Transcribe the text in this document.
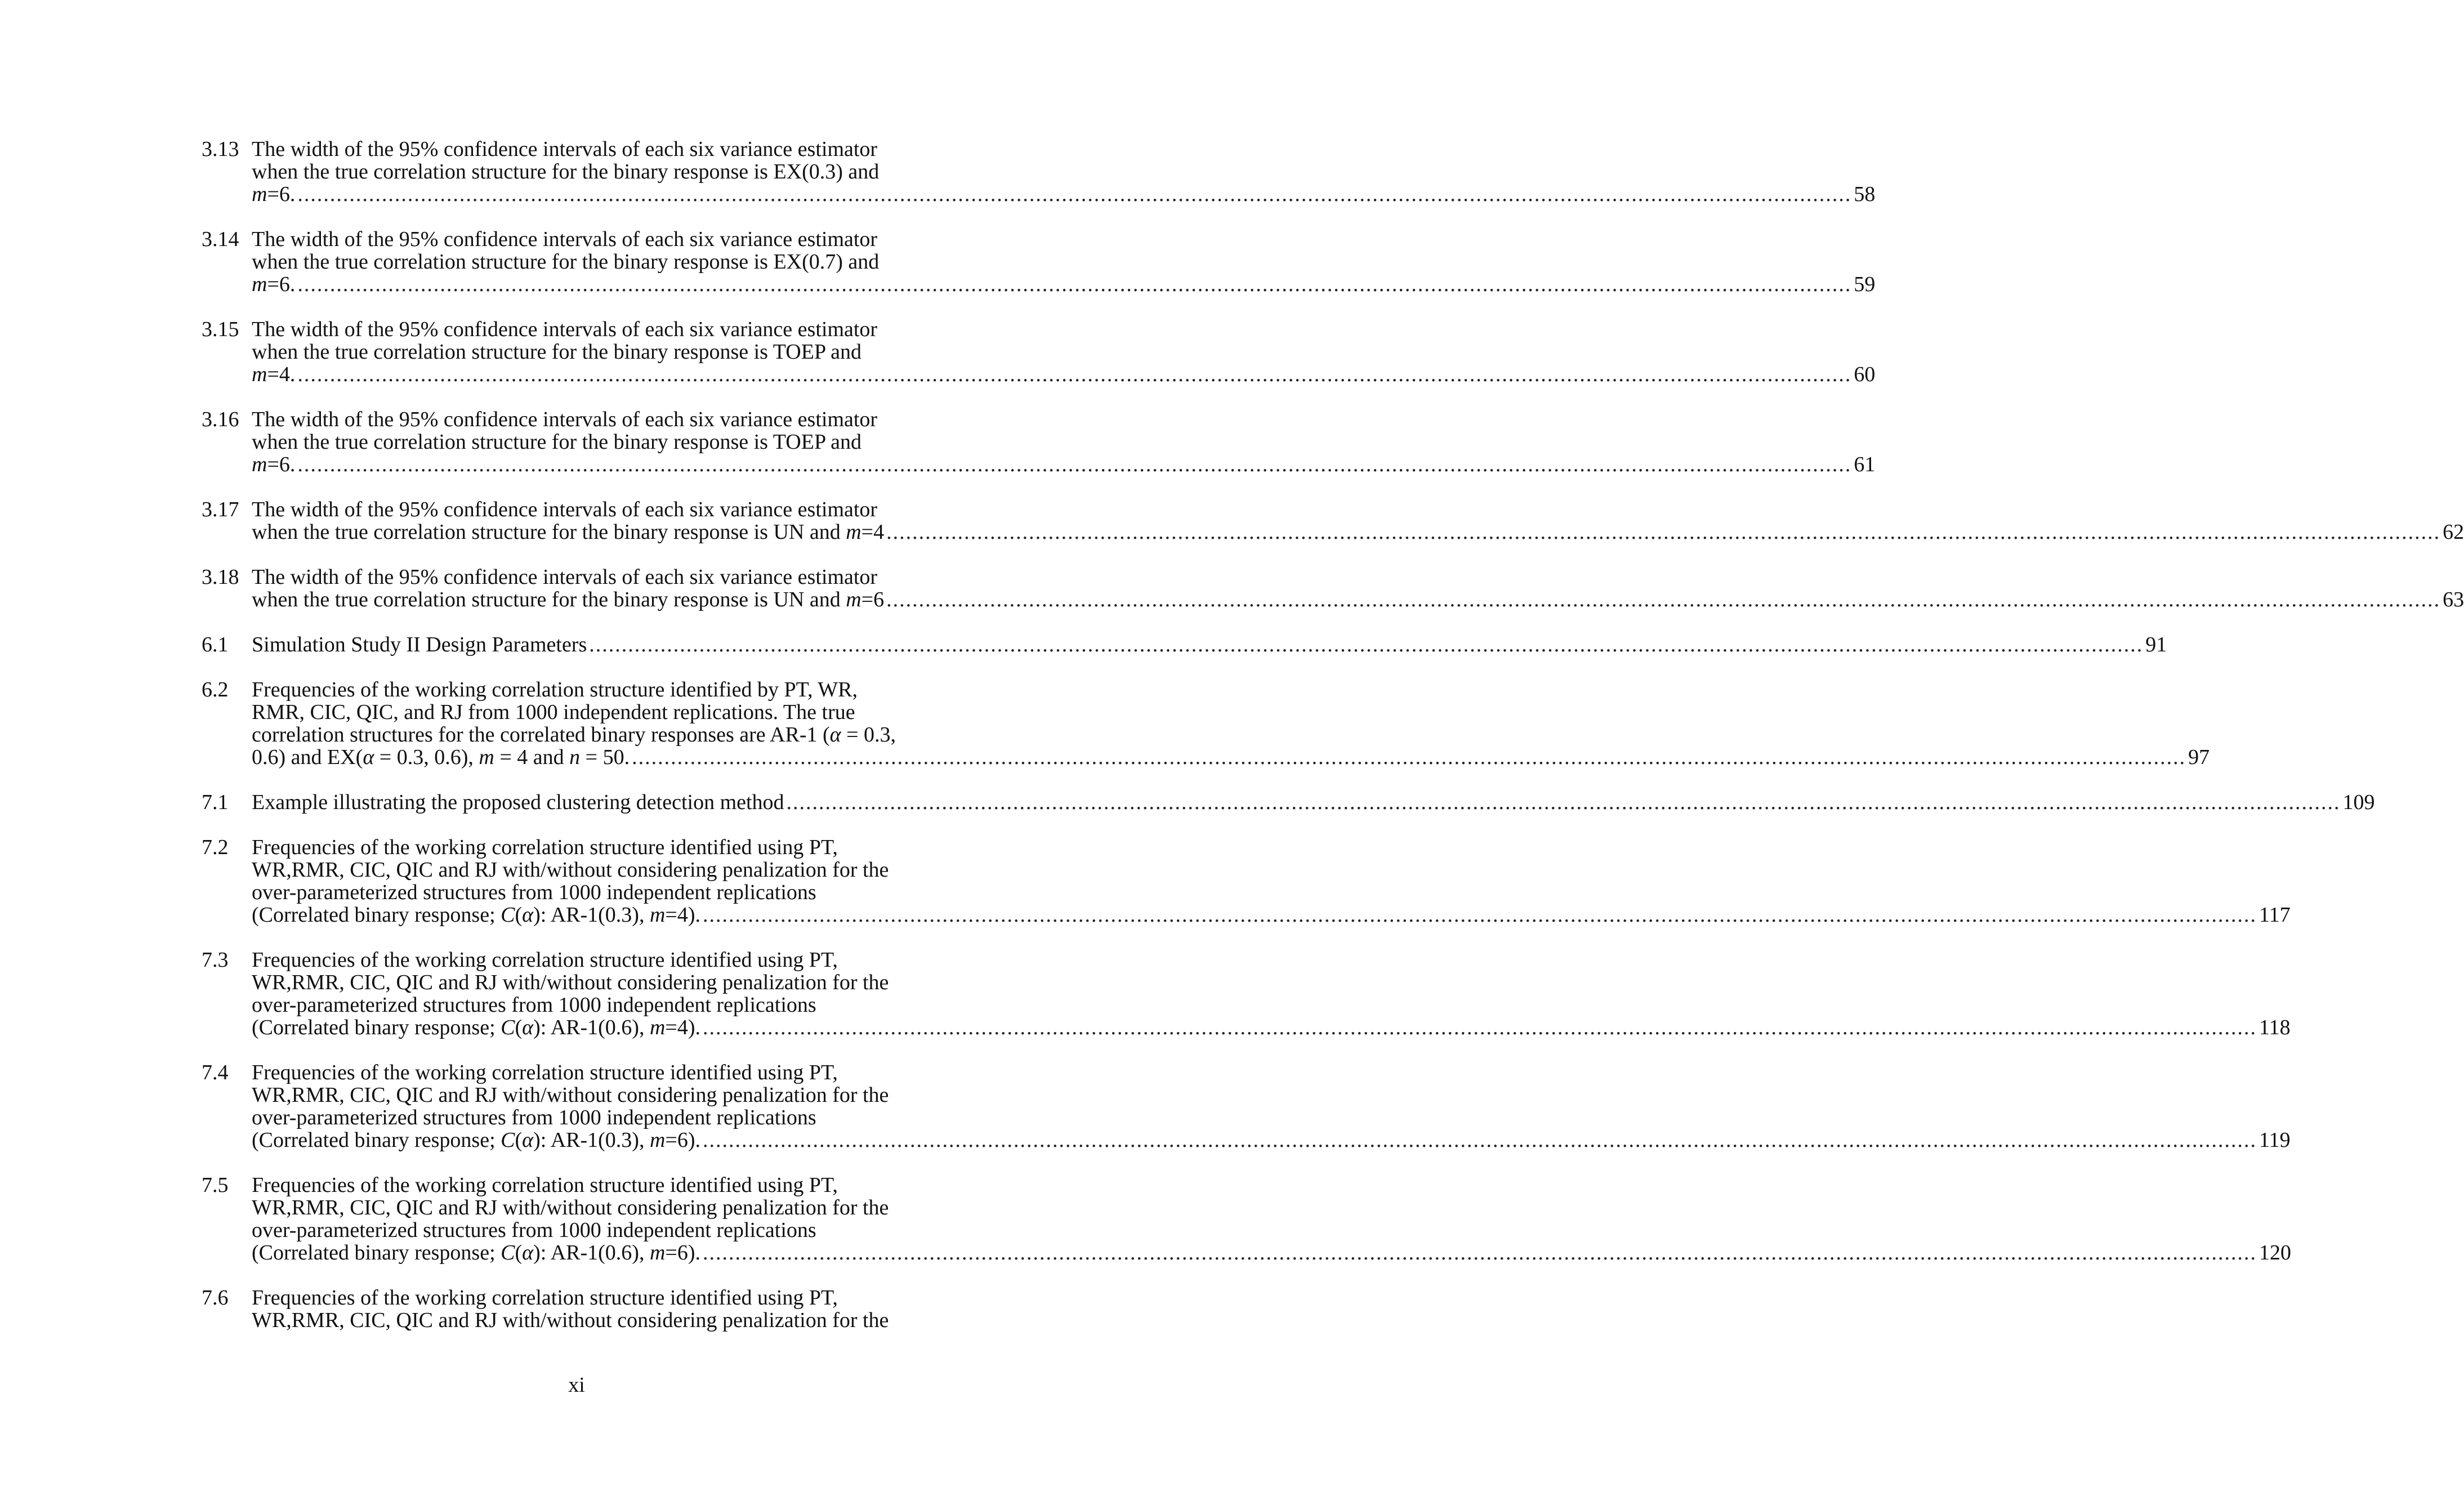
3.13 The width of the 95% confidence intervals of each six variance estimator
when the true correlation structure for the binary response is EX(0.3) and
m=6. ................................................................................................................................................................................................................................................ 58
3.14 The width of the 95% confidence intervals of each six variance estimator
when the true correlation structure for the binary response is EX(0.7) and
m=6. ................................................................................................................................................................................................................................................ 59
3.15 The width of the 95% confidence intervals of each six variance estimator
when the true correlation structure for the binary response is TOEP and
m=4. ................................................................................................................................................................................................................................................ 60
3.16 The width of the 95% confidence intervals of each six variance estimator
when the true correlation structure for the binary response is TOEP and
m=6. ................................................................................................................................................................................................................................................ 61
3.17 The width of the 95% confidence intervals of each six variance estimator
when the true correlation structure for the binary response is UN and m=4 ................................................................................................................................................................................................................................................ 62
3.18 The width of the 95% confidence intervals of each six variance estimator
when the true correlation structure for the binary response is UN and m=6 ................................................................................................................................................................................................................................................ 63
6.1 Simulation Study II Design Parameters ................................................................................................................................................................................................................................................ 91
6.2 Frequencies of the working correlation structure identified by PT, WR,
RMR, CIC, QIC, and RJ from 1000 independent replications. The true
correlation structures for the correlated binary responses are AR-1 (α = 0.3,
0.6) and EX(α = 0.3, 0.6), m = 4 and n = 50. ................................................................................................................................................................................................................................................ 97
7.1 Example illustrating the proposed clustering detection method ................................................................................................................................................................................................................................................ 109
7.2 Frequencies of the working correlation structure identified using PT,
WR,RMR, CIC, QIC and RJ with/without considering penalization for the
over-parameterized structures from 1000 independent replications
(Correlated binary response; C(α): AR-1(0.3), m=4). ................................................................................................................................................................................................................................................ 117
7.3 Frequencies of the working correlation structure identified using PT,
WR,RMR, CIC, QIC and RJ with/without considering penalization for the
over-parameterized structures from 1000 independent replications
(Correlated binary response; C(α): AR-1(0.6), m=4). ................................................................................................................................................................................................................................................ 118
7.4 Frequencies of the working correlation structure identified using PT,
WR,RMR, CIC, QIC and RJ with/without considering penalization for the
over-parameterized structures from 1000 independent replications
(Correlated binary response; C(α): AR-1(0.3), m=6). ................................................................................................................................................................................................................................................ 119
7.5 Frequencies of the working correlation structure identified using PT,
WR,RMR, CIC, QIC and RJ with/without considering penalization for the
over-parameterized structures from 1000 independent replications
(Correlated binary response; C(α): AR-1(0.6), m=6). ................................................................................................................................................................................................................................................ 120
7.6 Frequencies of the working correlation structure identified using PT,
WR,RMR, CIC, QIC and RJ with/without considering penalization for the
xi
